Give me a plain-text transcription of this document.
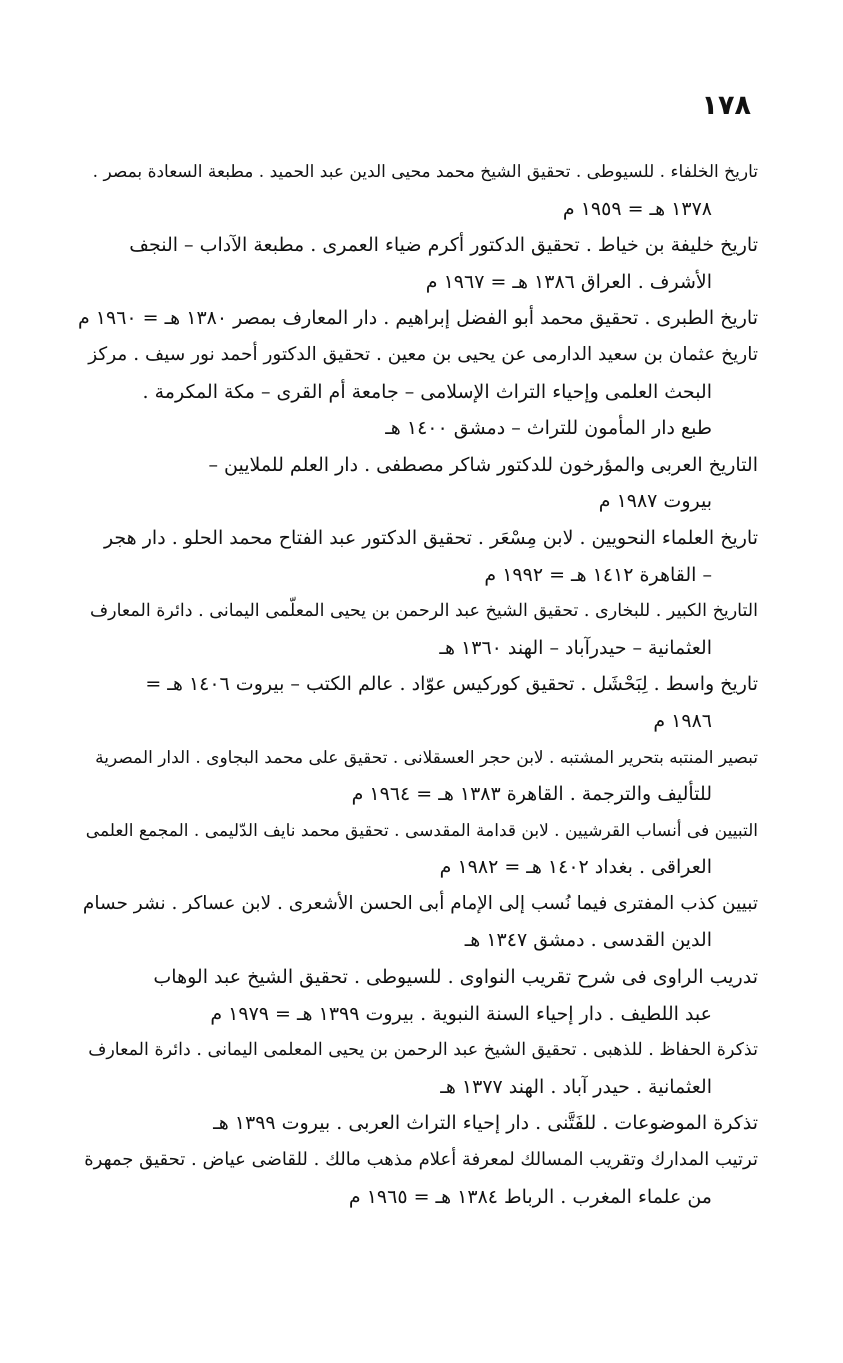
١٧٨
تاريخ الخلفاء . للسيوطى . تحقيق الشيخ محمد محيى الدين عبد الحميد . مطبعة السعادة بمصر .
١٣٧٨ هـ = ١٩٥٩ م
تاريخ خليفة بن خياط . تحقيق الدكتور أكرم ضياء العمرى . مطبعة الآداب – النجف
الأشرف . العراق ١٣٨٦ هـ = ١٩٦٧ م
تاريخ الطبرى . تحقيق محمد أبو الفضل إبراهيم . دار المعارف بمصر ١٣٨٠ هـ = ١٩٦٠ م
تاريخ عثمان بن سعيد الدارمى عن يحيى بن معين . تحقيق الدكتور أحمد نور سيف . مركز
البحث العلمى وإحياء التراث الإسلامى – جامعة أم القرى – مكة المكرمة .
طبع دار المأمون للتراث – دمشق ١٤٠٠ هـ
التاريخ العربى والمؤرخون للدكتور شاكر مصطفى . دار العلم للملايين –
بيروت ١٩٨٧ م
تاريخ العلماء النحويين . لابن مِسْعَر . تحقيق الدكتور عبد الفتاح محمد الحلو . دار هجر
– القاهرة ١٤١٢ هـ = ١٩٩٢ م
التاريخ الكبير . للبخارى . تحقيق الشيخ عبد الرحمن بن يحيى المعلّمى اليمانى . دائرة المعارف
العثمانية – حيدرآباد – الهند ١٣٦٠ هـ
تاريخ واسط . لِبَحْشَل . تحقيق كوركيس عوّاد . عالم الكتب – بيروت ١٤٠٦ هـ =
١٩٨٦ م
تبصير المنتبه بتحرير المشتبه . لابن حجر العسقلانى . تحقيق على محمد البجاوى . الدار المصرية
للتأليف والترجمة . القاهرة ١٣٨٣ هـ = ١٩٦٤ م
التبيين فى أنساب القرشيين . لابن قدامة المقدسى . تحقيق محمد نايف الدّليمى . المجمع العلمى
العراقى . بغداد ١٤٠٢ هـ = ١٩٨٢ م
تبيين كذب المفترى فيما نُسب إلى الإمام أبى الحسن الأشعرى . لابن عساكر . نشر حسام
الدين القدسى . دمشق ١٣٤٧ هـ
تدريب الراوى فى شرح تقريب النواوى . للسيوطى . تحقيق الشيخ عبد الوهاب
عبد اللطيف . دار إحياء السنة النبوية . بيروت ١٣٩٩ هـ = ١٩٧٩ م
تذكرة الحفاظ . للذهبى . تحقيق الشيخ عبد الرحمن بن يحيى المعلمى اليمانى . دائرة المعارف
العثمانية . حيدر آباد . الهند ١٣٧٧ هـ
تذكرة الموضوعات . للفَتَّنى . دار إحياء التراث العربى . بيروت ١٣٩٩ هـ
ترتيب المدارك وتقريب المسالك لمعرفة أعلام مذهب مالك . للقاضى عياض . تحقيق جمهرة
من علماء المغرب . الرباط ١٣٨٤ هـ = ١٩٦٥ م
